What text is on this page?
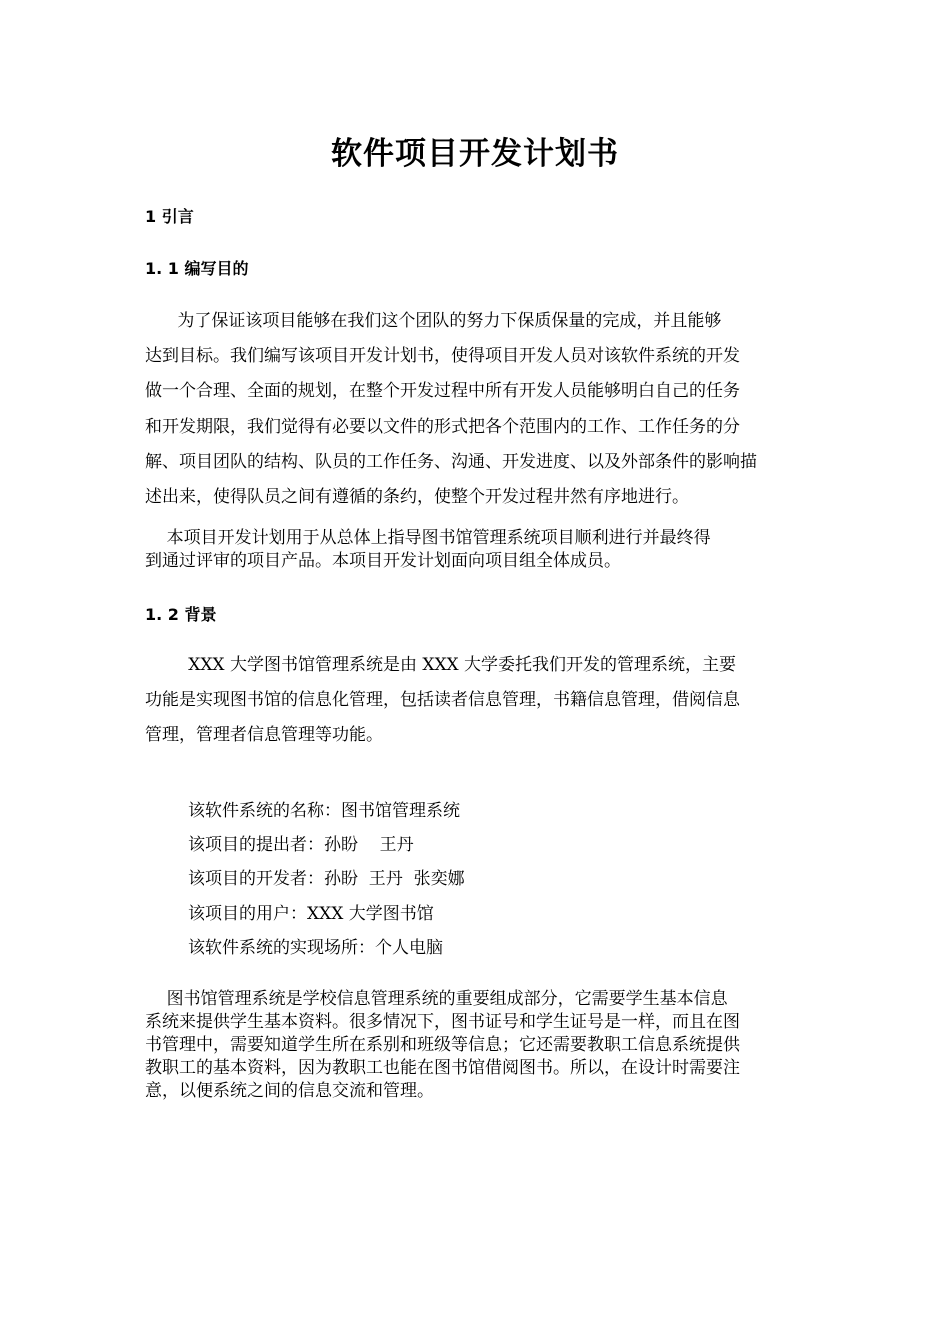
软件项目开发计划书
1 引言
1. 1 编写目的

为了保证该项目能够在我们这个团队的努力下保质保量的完成，并且能够
达到目标。我们编写该项目开发计划书，使得项目开发人员对该软件系统的开发
做一个合理、全面的规划，在整个开发过程中所有开发人员能够明白自己的任务
和开发期限，我们觉得有必要以文件的形式把各个范围内的工作、工作任务的分
解、项目团队的结构、队员的工作任务、沟通、开发进度、以及外部条件的影响描
述出来，使得队员之间有遵循的条约，使整个开发过程井然有序地进行。

本项目开发计划用于从总体上指导图书馆管理系统项目顺利进行并最终得
到通过评审的项目产品。本项目开发计划面向项目组全体成员。

1. 2 背景

XXX 大学图书馆管理系统是由 XXX 大学委托我们开发的管理系统，主要
功能是实现图书馆的信息化管理，包括读者信息管理，书籍信息管理，借阅信息
管理，管理者信息管理等功能。

该软件系统的名称：图书馆管理系统
该项目的提出者：孙盼    王丹
该项目的开发者：孙盼  王丹  张奕娜
该项目的用户：XXX 大学图书馆
该软件系统的实现场所：个人电脑

图书馆管理系统是学校信息管理系统的重要组成部分，它需要学生基本信息
系统来提供学生基本资料。很多情况下，图书证号和学生证号是一样，而且在图
书管理中，需要知道学生所在系别和班级等信息；它还需要教职工信息系统提供
教职工的基本资料，因为教职工也能在图书馆借阅图书。所以，在设计时需要注
意，以便系统之间的信息交流和管理。
